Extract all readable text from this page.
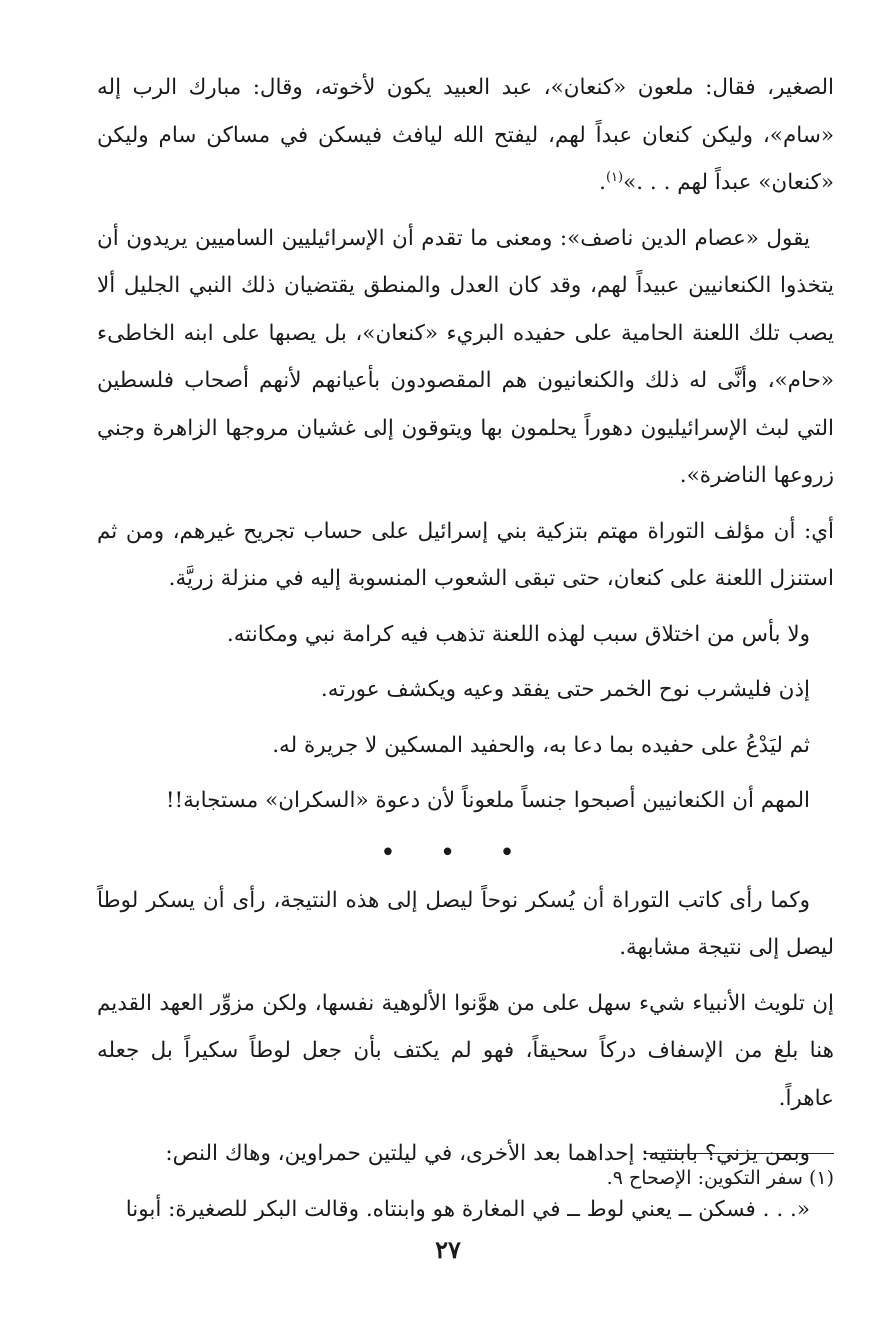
الصغير، فقال: ملعون «كنعان»، عبد العبيد يكون لأخوته، وقال: مبارك الرب إله «سام»، وليكن كنعان عبداً لهم، ليفتح الله ليافث فيسكن في مساكن سام وليكن «كنعان» عبداً لهم . . .»$^{(١)}$.

يقول «عصام الدين ناصف»: ومعنى ما تقدم أن الإسرائيليين الساميين يريدون أن يتخذوا الكنعانيين عبيداً لهم، وقد كان العدل والمنطق يقتضيان ذلك النبي الجليل ألا يصب تلك اللعنة الحامية على حفيده البريء «كنعان»، بل يصبها على ابنه الخاطىء «حام»، وأنَّى له ذلك والكنعانيون هم المقصودون بأعيانهم لأنهم أصحاب فلسطين التي لبث الإسرائيليون دهوراً يحلمون بها ويتوقون إلى غشيان مروجها الزاهرة وجني زروعها الناضرة».

أي: أن مؤلف التوراة مهتم بتزكية بني إسرائيل على حساب تجريح غيرهم، ومن ثم استنزل اللعنة على كنعان، حتى تبقى الشعوب المنسوبة إليه في منزلة زريَّة.

ولا بأس من اختلاق سبب لهذه اللعنة تذهب فيه كرامة نبي ومكانته.

إذن فليشرب نوح الخمر حتى يفقد وعيه ويكشف عورته.

ثم ليَدْعُ على حفيده بما دعا به، والحفيد المسكين لا جريرة له.

المهم أن الكنعانيين أصبحوا جنساً ملعوناً لأن دعوة «السكران» مستجابة!!

• • •

وكما رأى كاتب التوراة أن يُسكر نوحاً ليصل إلى هذه النتيجة، رأى أن يسكر لوطاً ليصل إلى نتيجة مشابهة.

إن تلويث الأنبياء شيء سهل على من هوَّنوا الألوهية نفسها، ولكن مزوِّر العهد القديم هنا بلغ من الإسفاف دركاً سحيقاً، فهو لم يكتف بأن جعل لوطاً سكيراً بل جعله عاهراً.

وبمن يزني؟ بابنتيه: إحداهما بعد الأخرى، في ليلتين حمراوين، وهاك النص:

«. . . فسكن ــ يعني لوط ــ في المغارة هو وابنتاه. وقالت البكر للصغيرة: أبونا

(١) سفر التكوين: الإصحاح ٩.
٢٧
